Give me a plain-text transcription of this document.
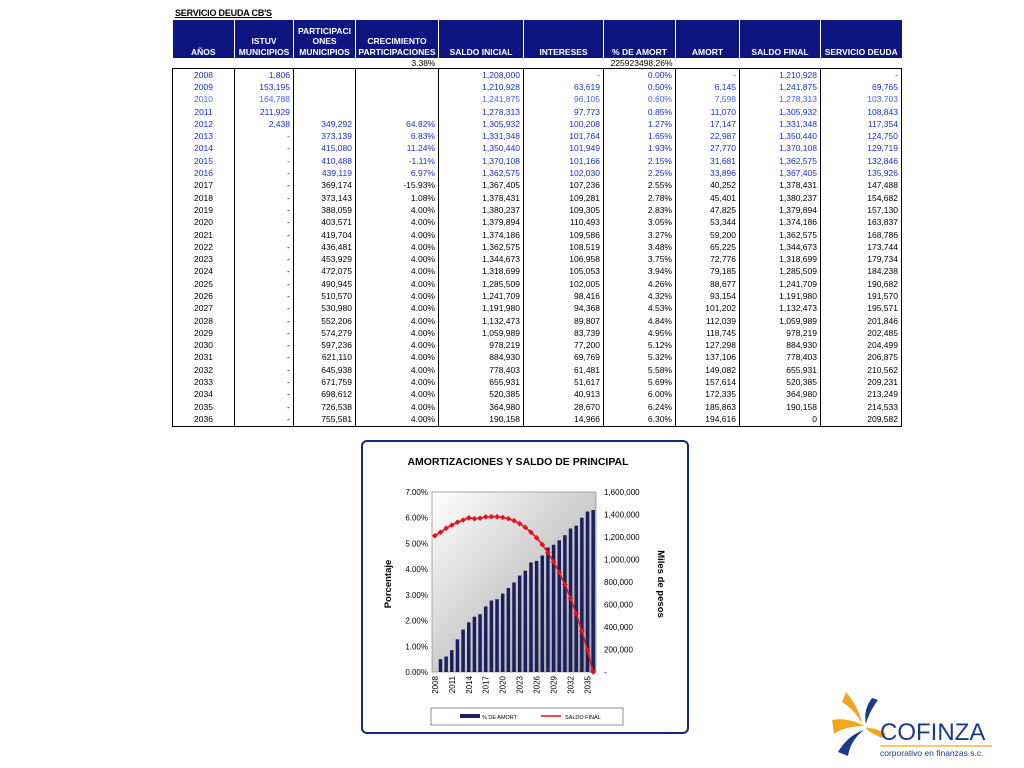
SERVICIO DEUDA CB'S
AÑOS	ISTUV MUNICIPIOS	PARTICIPACI ONES MUNICIPIOS	CRECIMIENTO PARTICIPACIONES	SALDO INICIAL	INTERESES	% DE AMORT	AMORT	SALDO FINAL	SERVICIO DEUDA
			3.38%			225923498.26%			
2008	1,806			1,208,000	-	0.00%	-	1,210,928	-
2009	153,195			1,210,928	63,619	0.50%	6,145	1,241,875	69,765
2010	164,788			1,241,875	96,105	0.60%	7,598	1,278,313	103,703
2011	211,929			1,278,313	97,773	0.85%	11,070	1,305,932	108,843
2012	2,438	349,292	64.82%	1,305,932	100,208	1.27%	17,147	1,331,348	117,354
2013	-	373,139	6.83%	1,331,348	101,764	1.65%	22,987	1,350,440	124,750
2014	-	415,080	11.24%	1,350,440	101,949	1.93%	27,770	1,370,108	129,719
2015	-	410,488	-1.11%	1,370,108	101,166	2.15%	31,681	1,362,575	132,846
2016	-	439,119	6.97%	1,362,575	102,030	2.25%	33,896	1,367,405	135,926
2017	-	369,174	-15.93%	1,367,405	107,236	2.55%	40,252	1,378,431	147,488
2018	-	373,143	1.08%	1,378,431	109,281	2.78%	45,401	1,380,237	154,682
2019	-	388,059	4.00%	1,380,237	109,305	2.83%	47,825	1,379,894	157,130
2020	-	403,571	4.00%	1,379,894	110,493	3.05%	53,344	1,374,186	163,837
2021	-	419,704	4.00%	1,374,186	109,586	3.27%	59,200	1,362,575	168,786
2022	-	436,481	4.00%	1,362,575	108,519	3.48%	65,225	1,344,673	173,744
2023	-	453,929	4.00%	1,344,673	106,958	3.75%	72,776	1,318,699	179,734
2024	-	472,075	4.00%	1,318,699	105,053	3.94%	79,185	1,285,509	184,238
2025	-	490,945	4.00%	1,285,509	102,005	4.26%	88,677	1,241,709	190,682
2026	-	510,570	4.00%	1,241,709	98,416	4.32%	93,154	1,191,980	191,570
2027	-	530,980	4.00%	1,191,980	94,368	4.53%	101,202	1,132,473	195,571
2028	-	552,206	4.00%	1,132,473	89,807	4.84%	112,039	1,059,989	201,846
2029	-	574,279	4.00%	1,059,989	83,739	4.95%	118,745	978,219	202,485
2030	-	597,236	4.00%	978,219	77,200	5.12%	127,298	884,930	204,499
2031	-	621,110	4.00%	884,930	69,769	5.32%	137,106	778,403	206,875
2032	-	645,938	4.00%	778,403	61,481	5.58%	149,082	655,931	210,562
2033	-	671,759	4.00%	655,931	51,617	5.69%	157,614	520,385	209,231
2034	-	698,612	4.00%	520,385	40,913	6.00%	172,335	364,980	213,249
2035	-	726,538	4.00%	364,980	28,670	6.24%	185,863	190,158	214,533
2036	-	755,581	4.00%	190,158	14,966	6.30%	194,616	0	209,582
AMORTIZACIONES Y SALDO DE PRINCIPAL
0.00%
1.00%
2.00%
3.00%
4.00%
5.00%
6.00%
7.00%
-
200,000
400,000
600,000
800,000
1,000,000
1,200,000
1,400,000
1,600,000
2008 2011 2014 2017 2020 2023 2026 2029 2032 2035
Porcentaje	Miles de pesos
% DE AMORT	SALDO FINAL
COFINZA
corporativo en finanzas s.c.
